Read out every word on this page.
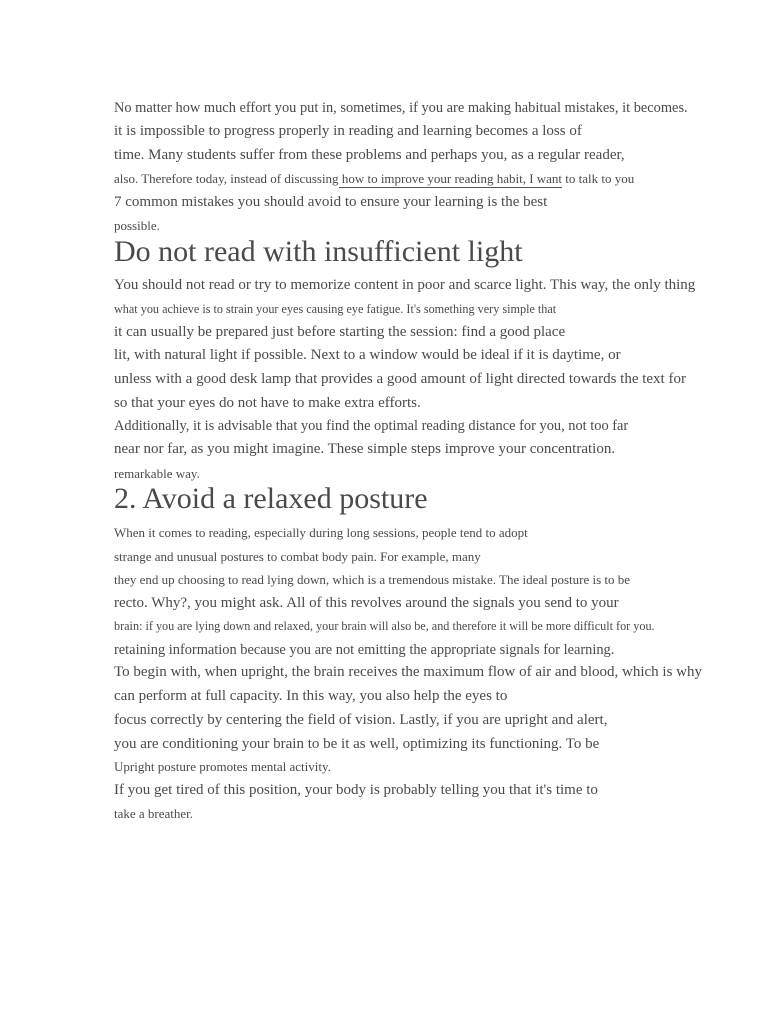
No matter how much effort you put in, sometimes, if you are making habitual mistakes, it becomes.
it is impossible to progress properly in reading and learning becomes a loss of
time. Many students suffer from these problems and perhaps you, as a regular reader,
also. Therefore today, instead of discussing how to improve your reading habit, I want to talk to you
7 common mistakes you should avoid to ensure your learning is the best
possible.
Do not read with insufficient light
You should not read or try to memorize content in poor and scarce light. This way, the only thing
what you achieve is to strain your eyes causing eye fatigue. It's something very simple that
it can usually be prepared just before starting the session: find a good place
lit, with natural light if possible. Next to a window would be ideal if it is daytime, or
unless with a good desk lamp that provides a good amount of light directed towards the text for
so that your eyes do not have to make extra efforts.
Additionally, it is advisable that you find the optimal reading distance for you, not too far
near nor far, as you might imagine. These simple steps improve your concentration.
remarkable way.
2. Avoid a relaxed posture
When it comes to reading, especially during long sessions, people tend to adopt
strange and unusual postures to combat body pain. For example, many
they end up choosing to read lying down, which is a tremendous mistake. The ideal posture is to be
recto. Why?, you might ask. All of this revolves around the signals you send to your
brain: if you are lying down and relaxed, your brain will also be, and therefore it will be more difficult for you.
retaining information because you are not emitting the appropriate signals for learning.
To begin with, when upright, the brain receives the maximum flow of air and blood, which is why
can perform at full capacity. In this way, you also help the eyes to
focus correctly by centering the field of vision. Lastly, if you are upright and alert,
you are conditioning your brain to be it as well, optimizing its functioning. To be
Upright posture promotes mental activity.
If you get tired of this position, your body is probably telling you that it's time to
take a breather.
